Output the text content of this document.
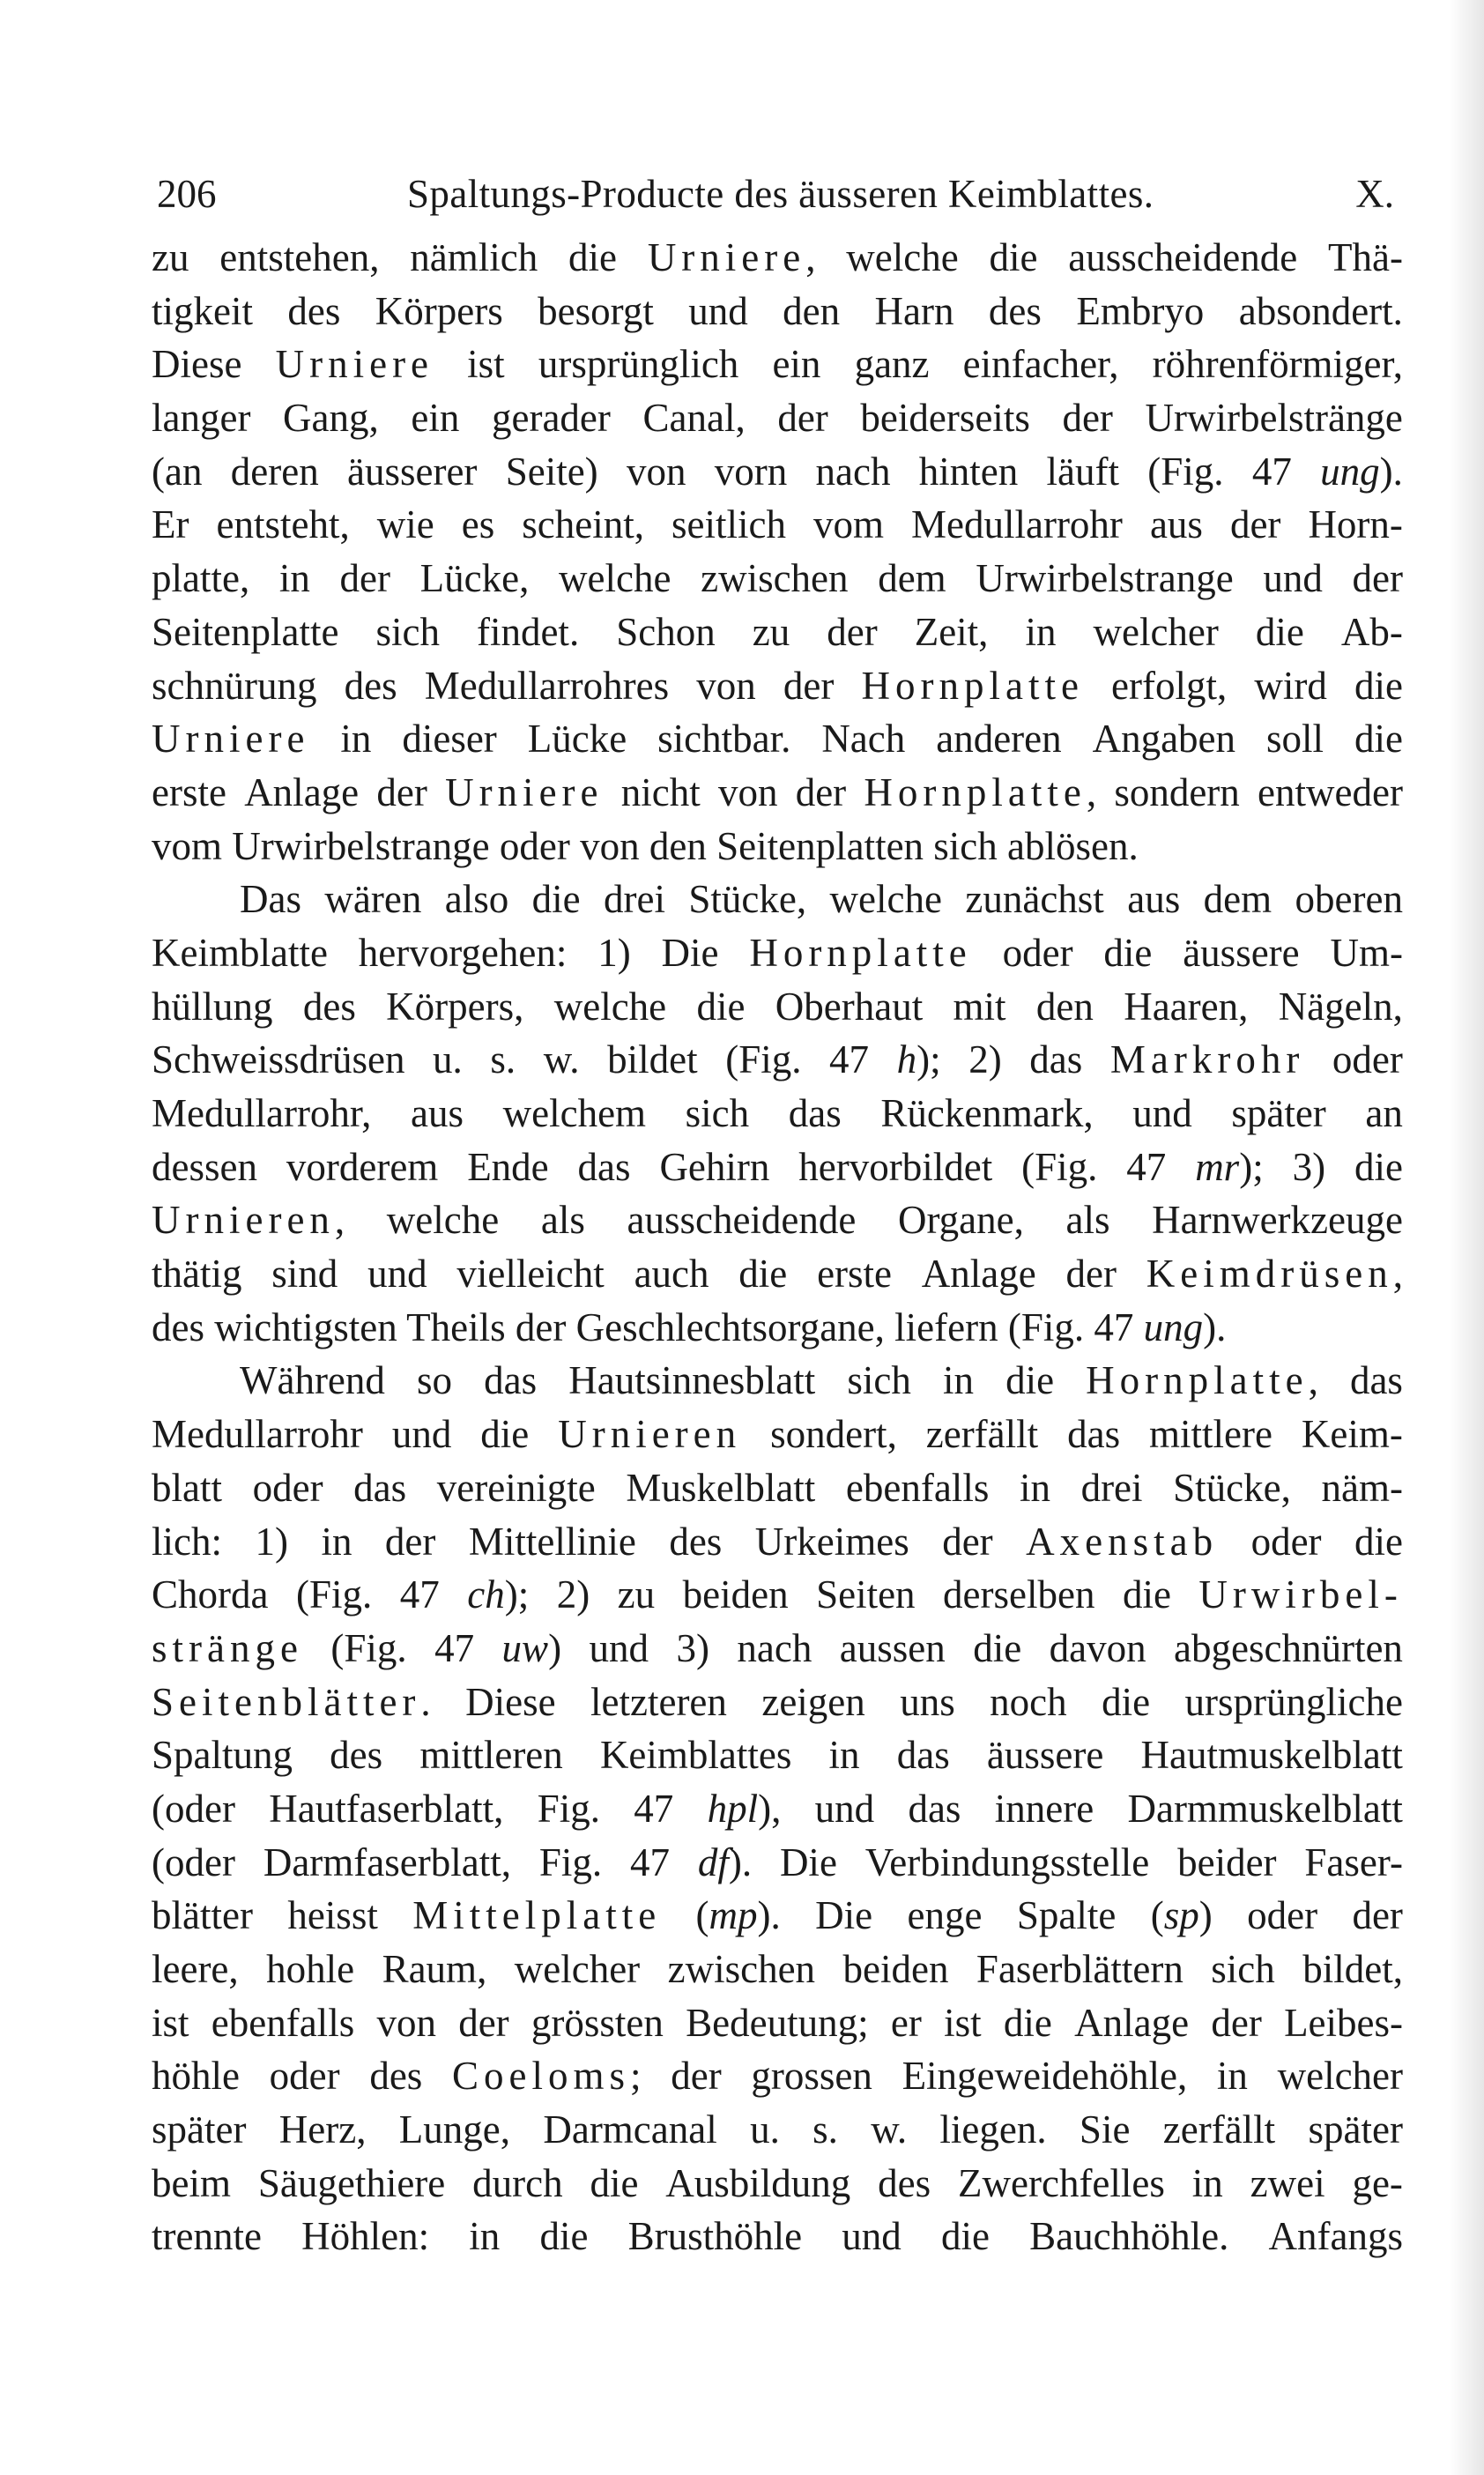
206	Spaltungs-Producte des äusseren Keimblattes.	X.
zu entstehen, nämlich die Urniere, welche die ausscheidende Thä-
tigkeit des Körpers besorgt und den Harn des Embryo absondert.
Diese Urniere ist ursprünglich ein ganz einfacher, röhrenförmiger,
langer Gang, ein gerader Canal, der beiderseits der Urwirbelstränge
(an deren äusserer Seite) von vorn nach hinten läuft (Fig. 47 ung).
Er entsteht, wie es scheint, seitlich vom Medullarrohr aus der Horn-
platte, in der Lücke, welche zwischen dem Urwirbelstrange und der
Seitenplatte sich findet. Schon zu der Zeit, in welcher die Ab-
schnürung des Medullarrohres von der Hornplatte erfolgt, wird die
Urniere in dieser Lücke sichtbar. Nach anderen Angaben soll die
erste Anlage der Urniere nicht von der Hornplatte, sondern entweder
vom Urwirbelstrange oder von den Seitenplatten sich ablösen.
Das wären also die drei Stücke, welche zunächst aus dem oberen
Keimblatte hervorgehen: 1) Die Hornplatte oder die äussere Um-
hüllung des Körpers, welche die Oberhaut mit den Haaren, Nägeln,
Schweissdrüsen u. s. w. bildet (Fig. 47 h); 2) das Markrohr oder
Medullarrohr, aus welchem sich das Rückenmark, und später an
dessen vorderem Ende das Gehirn hervorbildet (Fig. 47 mr); 3) die
Urnieren, welche als ausscheidende Organe, als Harnwerkzeuge
thätig sind und vielleicht auch die erste Anlage der Keimdrüsen,
des wichtigsten Theils der Geschlechtsorgane, liefern (Fig. 47 ung).
Während so das Hautsinnesblatt sich in die Hornplatte, das
Medullarrohr und die Urnieren sondert, zerfällt das mittlere Keim-
blatt oder das vereinigte Muskelblatt ebenfalls in drei Stücke, näm-
lich: 1) in der Mittellinie des Urkeimes der Axenstab oder die
Chorda (Fig. 47 ch); 2) zu beiden Seiten derselben die Urwirbel-
stränge (Fig. 47 uw) und 3) nach aussen die davon abgeschnürten
Seitenblätter. Diese letzteren zeigen uns noch die ursprüngliche
Spaltung des mittleren Keimblattes in das äussere Hautmuskelblatt
(oder Hautfaserblatt, Fig. 47 hpl), und das innere Darmmuskelblatt
(oder Darmfaserblatt, Fig. 47 df). Die Verbindungsstelle beider Faser-
blätter heisst Mittelplatte (mp). Die enge Spalte (sp) oder der
leere, hohle Raum, welcher zwischen beiden Faserblättern sich bildet,
ist ebenfalls von der grössten Bedeutung; er ist die Anlage der Leibes-
höhle oder des Coeloms; der grossen Eingeweidehöhle, in welcher
später Herz, Lunge, Darmcanal u. s. w. liegen. Sie zerfällt später
beim Säugethiere durch die Ausbildung des Zwerchfelles in zwei ge-
trennte Höhlen: in die Brusthöhle und die Bauchhöhle. Anfangs
